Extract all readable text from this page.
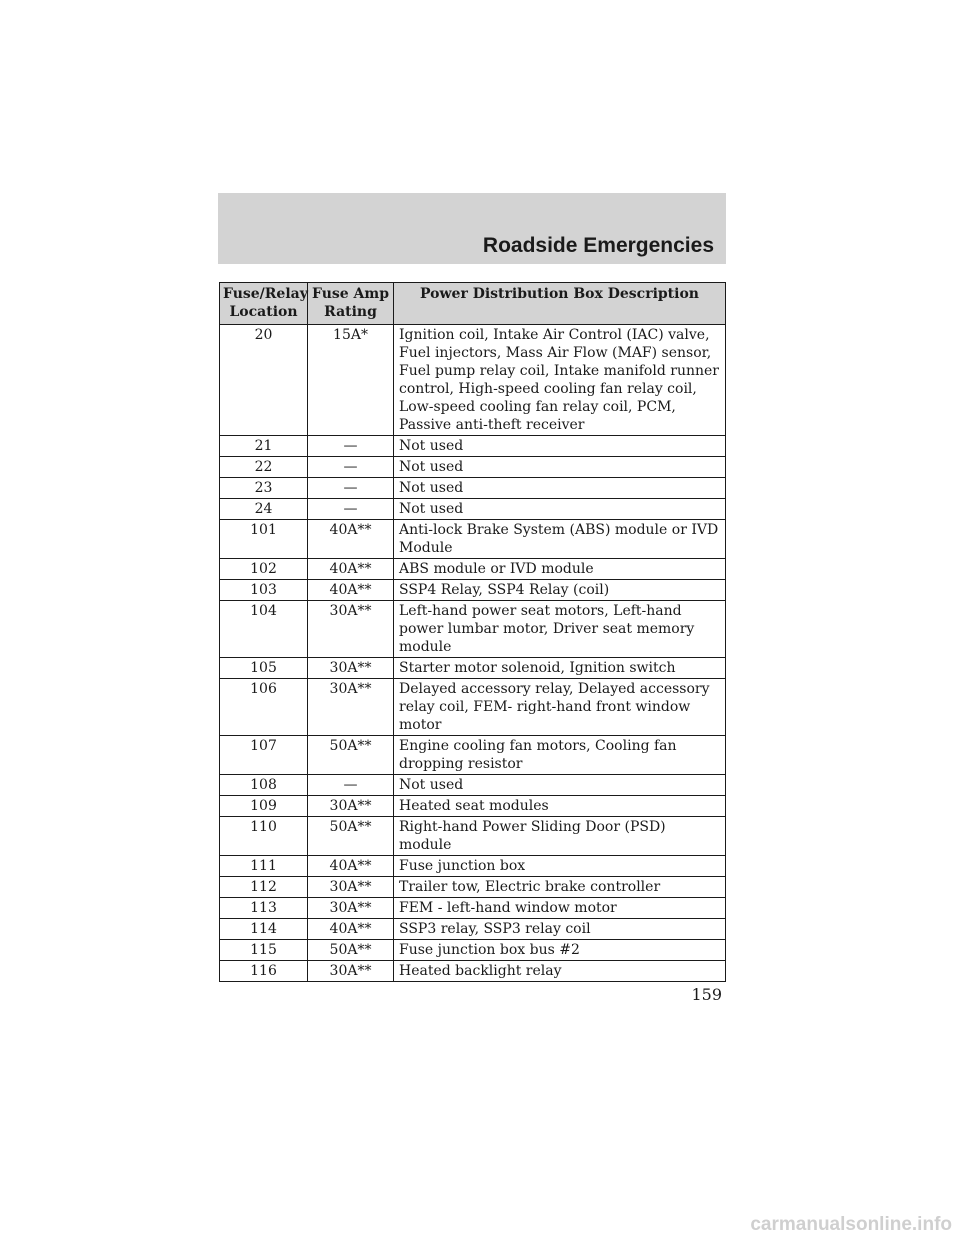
Roadside Emergencies
Fuse/Relay Location	Fuse Amp Rating	Power Distribution Box Description
20	15A*	Ignition coil, Intake Air Control (IAC) valve, Fuel injectors, Mass Air Flow (MAF) sensor, Fuel pump relay coil, Intake manifold runner control, High-speed cooling fan relay coil, Low-speed cooling fan relay coil, PCM, Passive anti-theft receiver
21	—	Not used
22	—	Not used
23	—	Not used
24	—	Not used
101	40A**	Anti-lock Brake System (ABS) module or IVD Module
102	40A**	ABS module or IVD module
103	40A**	SSP4 Relay, SSP4 Relay (coil)
104	30A**	Left-hand power seat motors, Left-hand power lumbar motor, Driver seat memory module
105	30A**	Starter motor solenoid, Ignition switch
106	30A**	Delayed accessory relay, Delayed accessory relay coil, FEM- right-hand front window motor
107	50A**	Engine cooling fan motors, Cooling fan dropping resistor
108	—	Not used
109	30A**	Heated seat modules
110	50A**	Right-hand Power Sliding Door (PSD) module
111	40A**	Fuse junction box
112	30A**	Trailer tow, Electric brake controller
113	30A**	FEM - left-hand window motor
114	40A**	SSP3 relay, SSP3 relay coil
115	50A**	Fuse junction box bus #2
116	30A**	Heated backlight relay
159
carmanualsonline.info
